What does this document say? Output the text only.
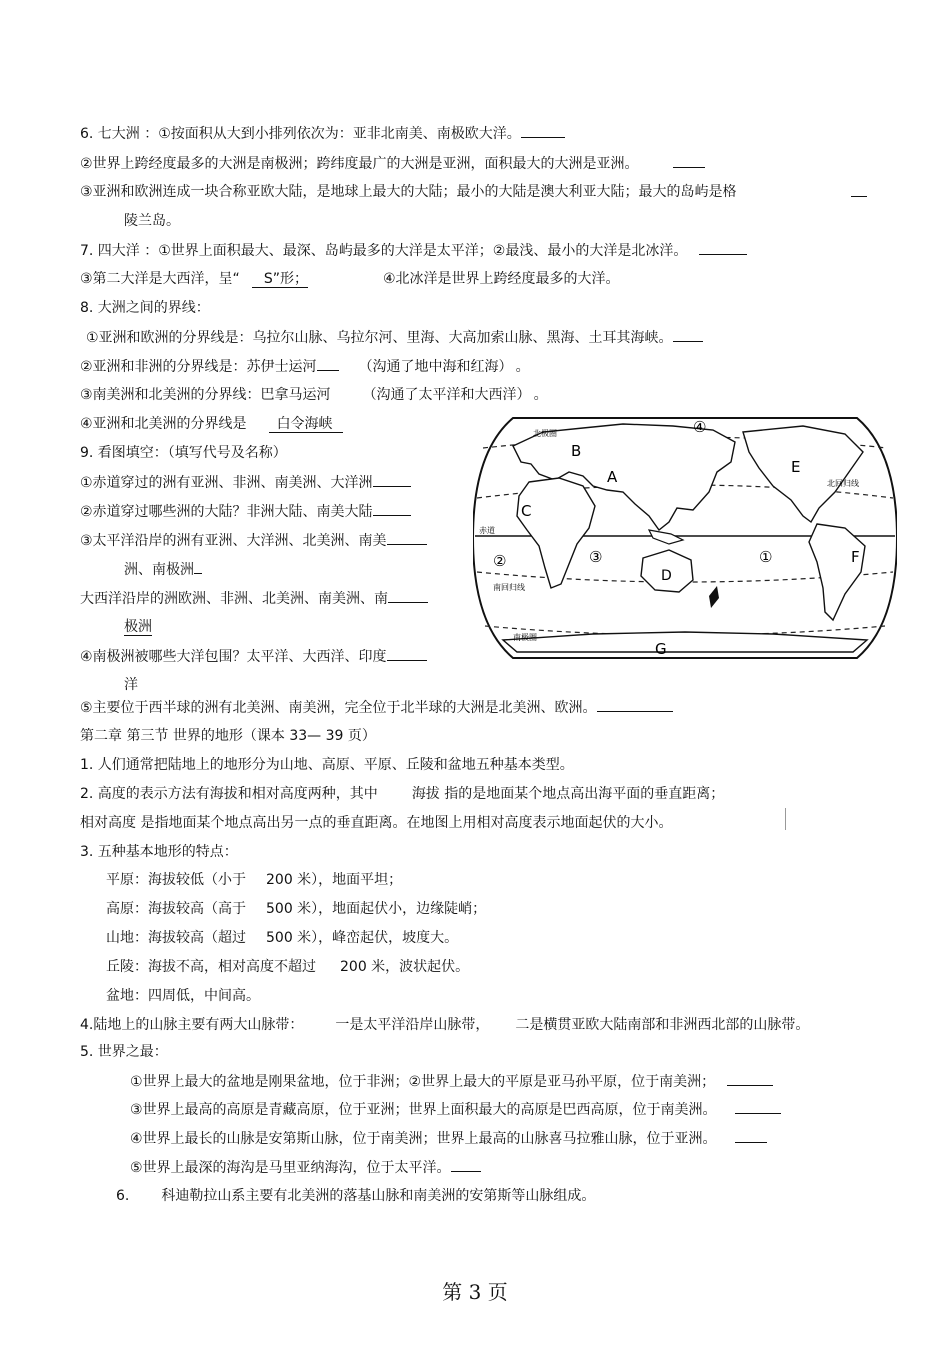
6. 七大洲 ：①按面积从大到小排列依次为：亚非北南美、南极欧大洋。
②世界上跨经度最多的大洲是南极洲；跨纬度最广的大洲是亚洲，面积最大的大洲是亚洲。
③亚洲和欧洲连成一块合称亚欧大陆，是地球上最大的大陆；最小的大陆是澳大利亚大陆；最大的岛屿是格
陵兰岛。
7. 四大洋 ：①世界上面积最大、最深、岛屿最多的大洋是太平洋；②最浅、最小的大洋是北冰洋。
③第二大洋是大西洋，呈“ S”形；	④北冰洋是世界上跨经度最多的大洋。
8. 大洲之间的界线：
①亚洲和欧洲的分界线是：乌拉尔山脉、乌拉尔河、里海、大高加索山脉、黑海、土耳其海峡。
②亚洲和非洲的分界线是：苏伊士运河	（沟通了地中海和红海） 。
③南美洲和北美洲的分界线：巴拿马运河 （沟通了太平洋和大西洋） 。
④亚洲和北美洲的分界线是 白令海峡
9. 看图填空：（填写代号及名称）
①赤道穿过的洲有亚洲、非洲、南美洲、大洋洲
②赤道穿过哪些洲的大陆？非洲大陆、南美大陆
③太平洋沿岸的洲有亚洲、大洋洲、北美洲、南美
洲、南极洲
大西洋沿岸的洲欧洲、非洲、北美洲、南美洲、南
极洲
④南极洲被哪些大洋包围？太平洋、大西洋、印度
洋
⑤主要位于西半球的洲有北美洲、南美洲，完全位于北半球的大洲是北美洲、欧洲。
第二章 第三节 世界的地形（课本 33— 39 页）
1. 人们通常把陆地上的地形分为山地、高原、平原、丘陵和盆地五种基本类型。
2. 高度的表示方法有海拔和相对高度两种，其中 海拔 指的是地面某个地点高出海平面的垂直距离；
相对高度 是指地面某个地点高出另一点的垂直距离。在地图上用相对高度表示地面起伏的大小。
3. 五种基本地形的特点：
平原：海拔较低（小于 200 米），地面平坦；
高原：海拔较高（高于 500 米），地面起伏小，边缘陡峭；
山地：海拔较高（超过 500 米），峰峦起伏，坡度大。
丘陵：海拔不高，相对高度不超过 200 米，波状起伏。
盆地：四周低，中间高。
4.陆地上的山脉主要有两大山脉带： 一是太平洋沿岸山脉带， 二是横贯亚欧大陆南部和非洲西北部的山脉带。
5. 世界之最：
①世界上最大的盆地是刚果盆地，位于非洲；②世界上最大的平原是亚马孙平原，位于南美洲；
③世界上最高的高原是青藏高原，位于亚洲；世界上面积最大的高原是巴西高原，位于南美洲。
④世界上最长的山脉是安第斯山脉，位于南美洲；世界上最高的山脉喜马拉雅山脉，位于亚洲。
⑤世界上最深的海沟是马里亚纳海沟，位于太平洋。
6. 科迪勒拉山系主要有北美洲的落基山脉和南美洲的安第斯等山脉组成。
B
A
C
D
E
F
G
①
②	③
④
北极圈
北回归线
赤道
南回归线
南极圈
第 3 页
